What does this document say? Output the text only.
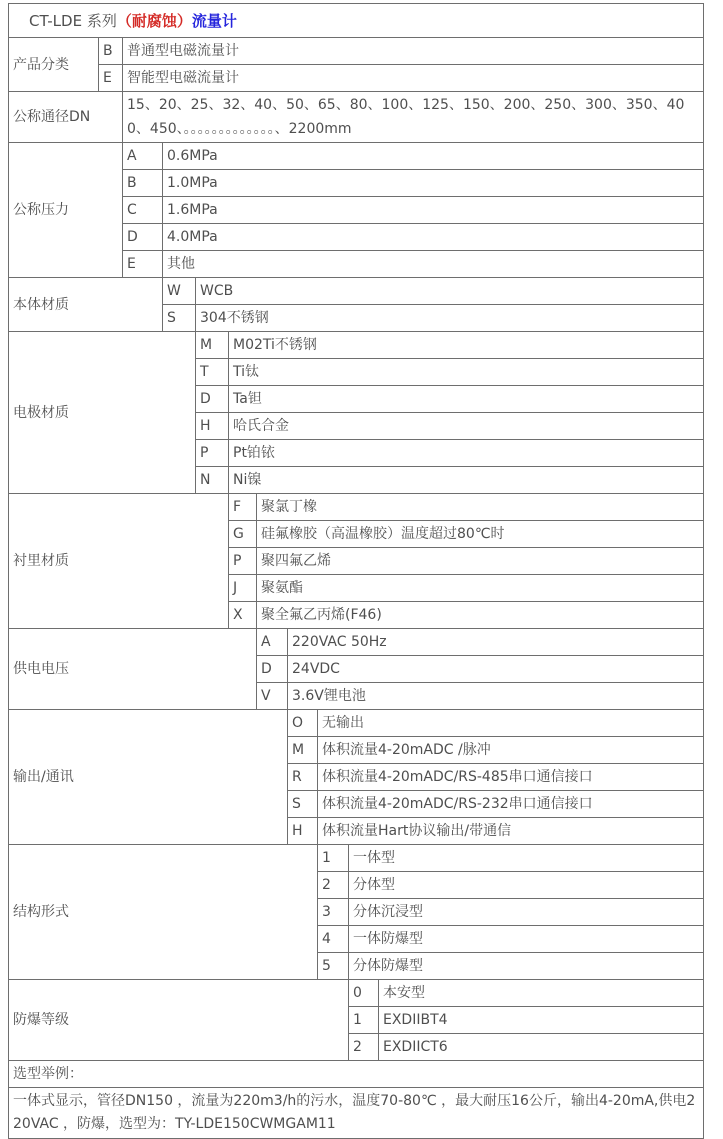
CT-LDE 系列 （耐腐蚀） 流量计
产品分类
B	普通型电磁流量计
E	智能型电磁流量计
公称通径DN
15、20、25、32、40、50、65、80、100、125、150、200、250、300、350、400、450、。。。。。。。。。。。。。、2200mm
公称压力
A	0.6MPa
B	1.0MPa
C	1.6MPa
D	4.0MPa
E	其他
本体材质
W	WCB
S	304不锈钢
电极材质
M	M02Ti不锈钢
T	Ti钛
D	Ta钽
H	哈氏合金
P	Pt铂铱
N	Ni镍
衬里材质
F	聚氯丁橡
G	硅氟橡胶（高温橡胶）温度超过80℃时
P	聚四氟乙烯
J	聚氨酯
X	聚全氟乙丙烯(F46)
供电电压
A	220VAC 50Hz
D	24VDC
V	3.6V锂电池
输出/通讯
O	无输出
M	体积流量4-20mADC /脉冲
R	体积流量4-20mADC/RS-485串口通信接口
S	体积流量4-20mADC/RS-232串口通信接口
H	体积流量Hart协议输出/带通信
结构形式
1	一体型
2	分体型
3	分体沉浸型
4	一体防爆型
5	分体防爆型
防爆等级
0	本安型
1	EXDIIBT4
2	EXDIICT6
选型举例：
一体式显示，管径DN150 ，流量为220m3/h的污水，温度70-80℃ ，最大耐压16公斤，输出4-20mA,供电220VAC ，防爆，选型为：TY-LDE150CWMGAM11
